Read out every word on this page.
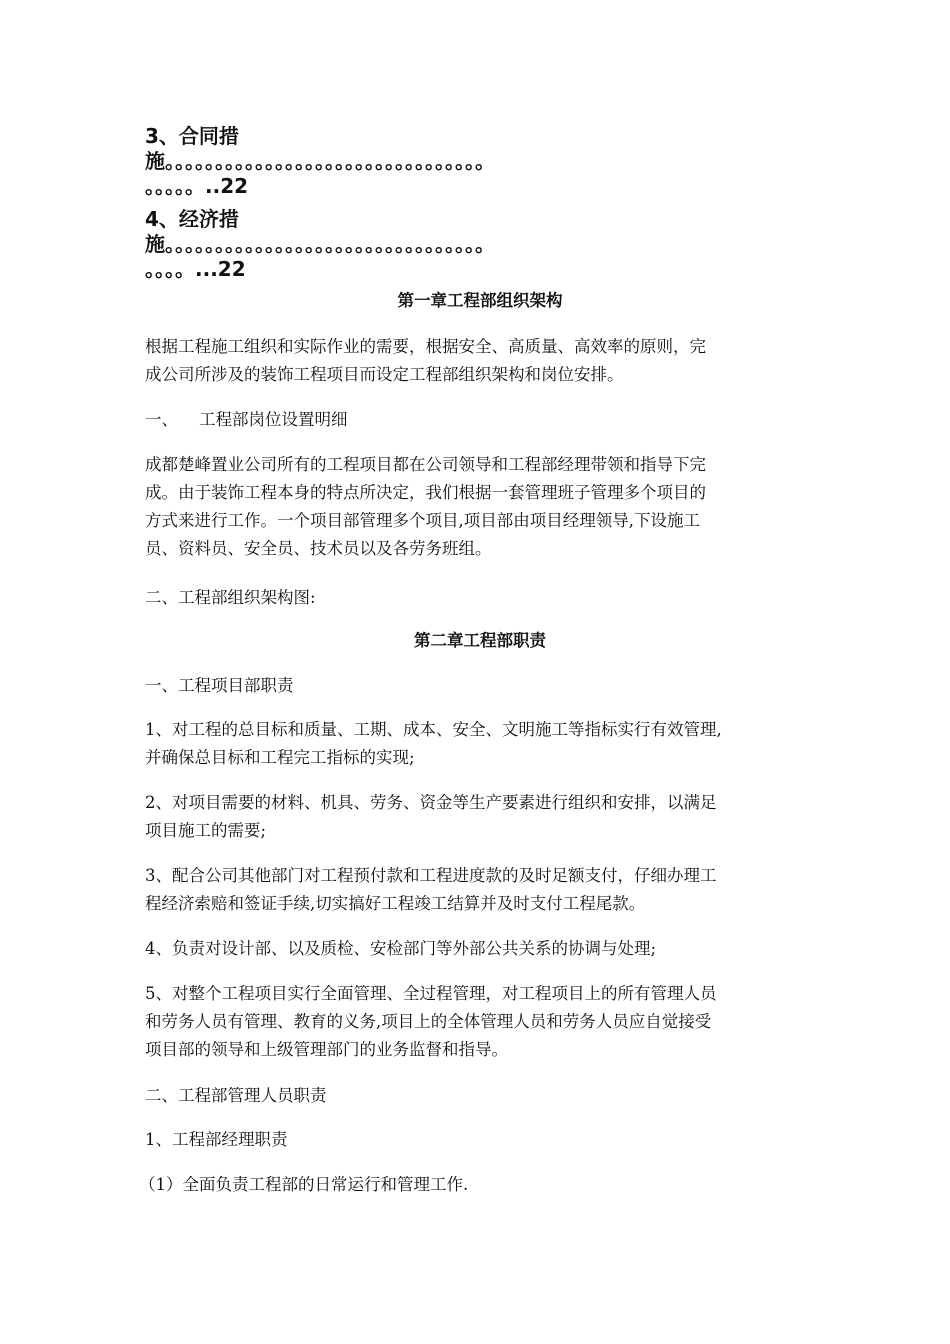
3、合同措
施。。。。。。。。。。。。。。。。。。。。。。。。。。。。。。。。
。。。。。..22
4、经济措
施。。。。。。。。。。。。。。。。。。。。。。。。。。。。。。。。
。。。。...22
第一章工程部组织架构
根据工程施工组织和实际作业的需要，根据安全、高质量、高效率的原则，完
成公司所涉及的装饰工程项目而设定工程部组织架构和岗位安排。
一、    工程部岗位设置明细
成都楚峰置业公司所有的工程项目都在公司领导和工程部经理带领和指导下完
成。由于装饰工程本身的特点所决定，我们根据一套管理班子管理多个项目的
方式来进行工作。一个项目部管理多个项目,项目部由项目经理领导,下设施工
员、资料员、安全员、技术员以及各劳务班组。
二、工程部组织架构图:
第二章工程部职责
一、工程项目部职责
1、对工程的总目标和质量、工期、成本、安全、文明施工等指标实行有效管理,
并确保总目标和工程完工指标的实现;
2、对项目需要的材料、机具、劳务、资金等生产要素进行组织和安排，以满足
项目施工的需要;
3、配合公司其他部门对工程预付款和工程进度款的及时足额支付，仔细办理工
程经济索赔和签证手续,切实搞好工程竣工结算并及时支付工程尾款。
4、负责对设计部、以及质检、安检部门等外部公共关系的协调与处理;
5、对整个工程项目实行全面管理、全过程管理，对工程项目上的所有管理人员
和劳务人员有管理、教育的义务,项目上的全体管理人员和劳务人员应自觉接受
项目部的领导和上级管理部门的业务监督和指导。
二、工程部管理人员职责
1、工程部经理职责
（1）全面负责工程部的日常运行和管理工作.
